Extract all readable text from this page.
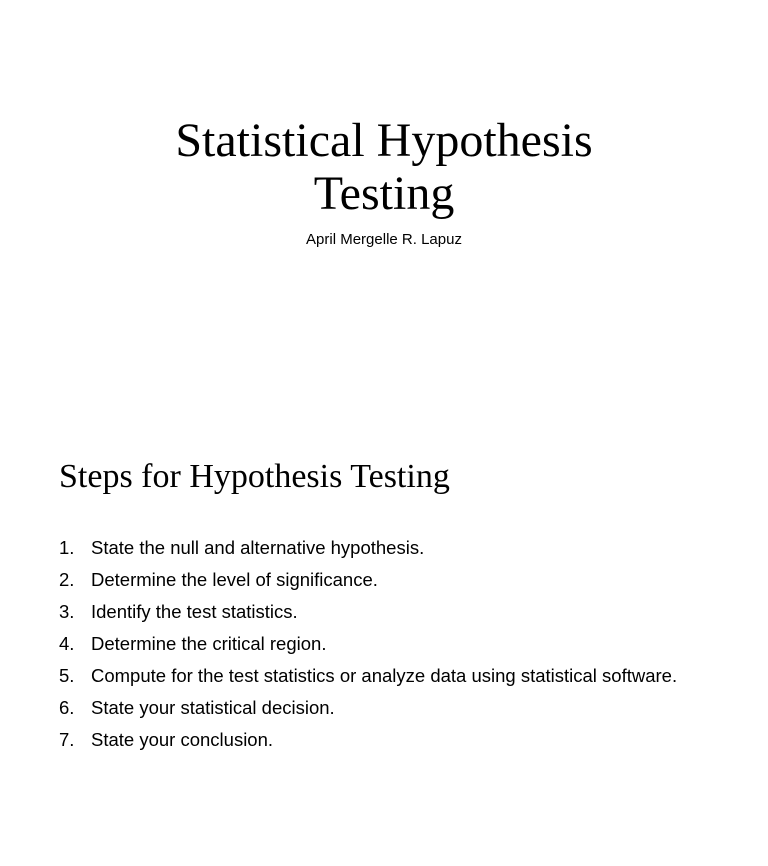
Statistical Hypothesis
Testing
April Mergelle R. Lapuz
Steps for Hypothesis Testing
1. State the null and alternative hypothesis.
2. Determine the level of significance.
3. Identify the test statistics.
4. Determine the critical region.
5. Compute for the test statistics or analyze data using statistical software.
6. State your statistical decision.
7. State your conclusion.
